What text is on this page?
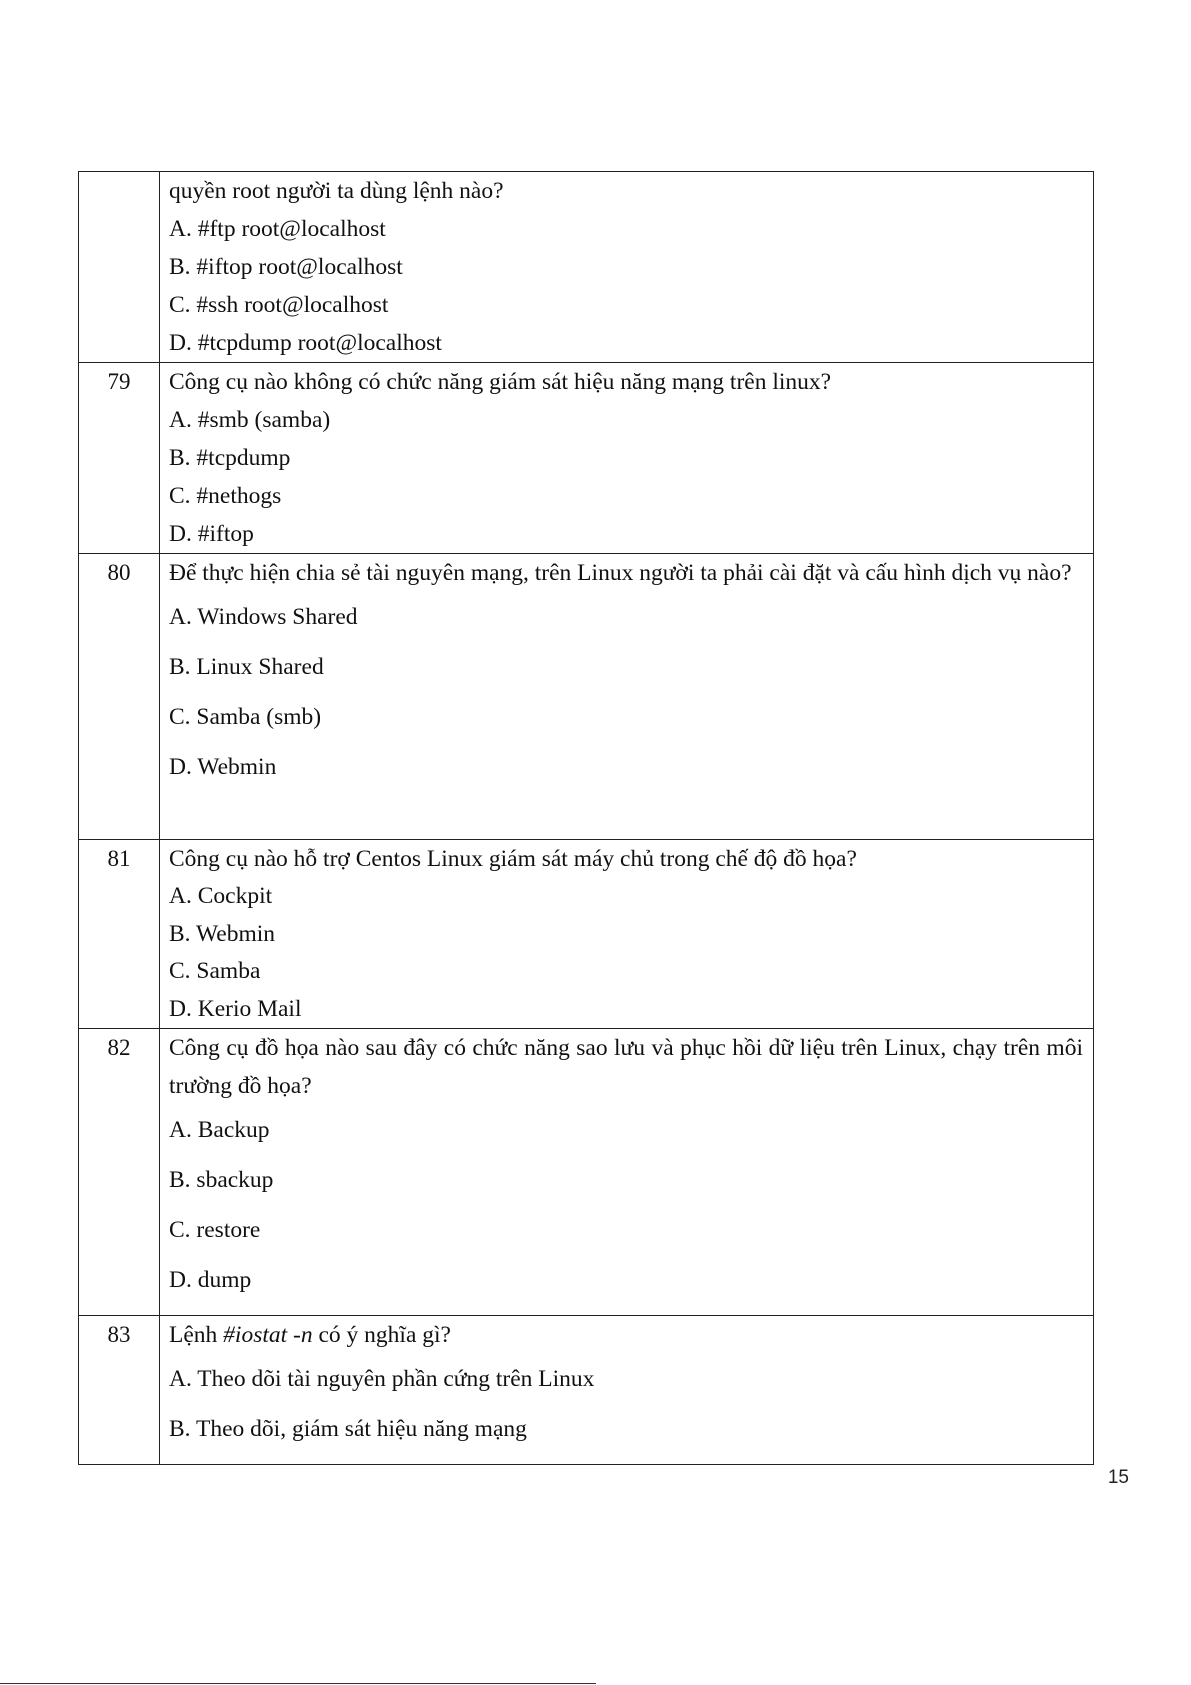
	quyền root người ta dùng lệnh nào?

A. #ftp root@localhost

B. #iftop root@localhost

C. #ssh root@localhost

D. #tcpdump root@localhost

79	Công cụ nào không có chức năng giám sát hiệu năng mạng trên linux?

A. #smb (samba)

B. #tcpdump

C. #nethogs

D. #iftop

80	Để thực hiện chia sẻ tài nguyên mạng, trên Linux người ta phải cài đặt và cấu hình dịch vụ nào?

A. Windows Shared

B. Linux Shared

C. Samba (smb)

D. Webmin

81	Công cụ nào hỗ trợ Centos Linux giám sát máy chủ trong chế độ đồ họa?

A. Cockpit

B. Webmin

C. Samba

D. Kerio Mail

82	Công cụ đồ họa nào sau đây có chức năng sao lưu và phục hồi dữ liệu trên Linux, chạy trên môi trường đồ họa?

A. Backup

B. sbackup

C. restore

D. dump

83	Lệnh #iostat -n có ý nghĩa gì?

A. Theo dõi tài nguyên phần cứng trên Linux

B. Theo dõi, giám sát hiệu năng mạng

15
